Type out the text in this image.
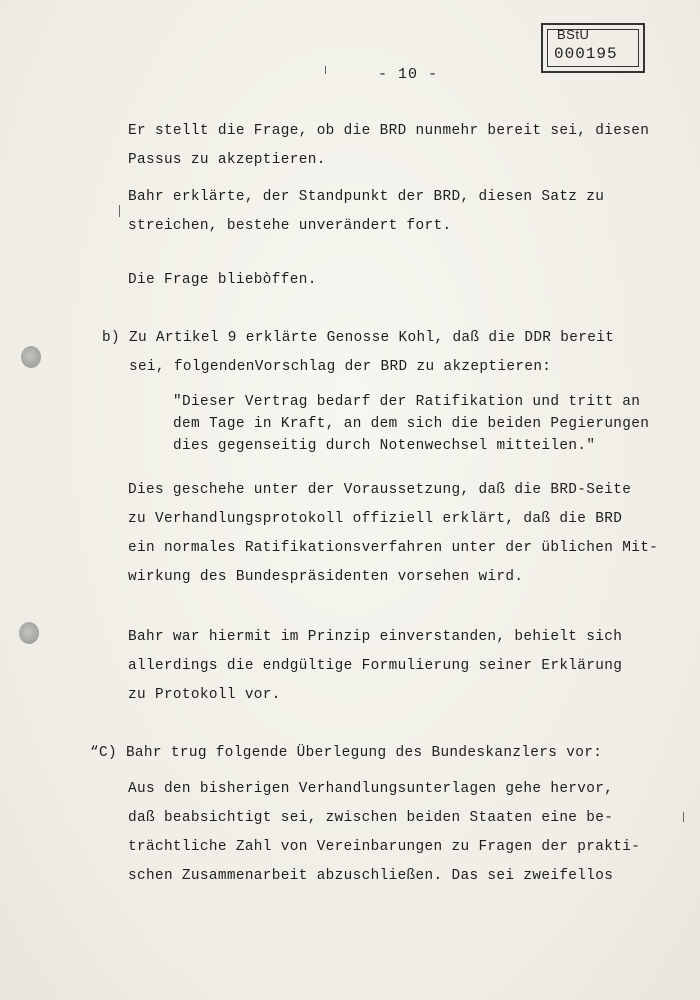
BStU
000195
- 10 -
Er stellt die Frage, ob die BRD nunmehr bereit sei, diesen
Passus zu akzeptieren.
Bahr erklärte, der Standpunkt der BRD, diesen Satz zu
streichen, bestehe unverändert fort.
Die Frage bliebòffen.
b) Zu Artikel 9 erklärte Genosse Kohl, daß die DDR bereit
sei, folgendenVorschlag der BRD zu akzeptieren:
"Dieser Vertrag bedarf der Ratifikation und tritt an
dem Tage in Kraft, an dem sich die beiden Pegierungen
dies gegenseitig durch Notenwechsel mitteilen."
Dies geschehe unter der Voraussetzung, daß die BRD-Seite
zu Verhandlungsprotokoll offiziell erklärt, daß die BRD
ein normales Ratifikationsverfahren unter der üblichen Mit-
wirkung des Bundespräsidenten vorsehen wird.
Bahr war hiermit im Prinzip einverstanden, behielt sich
allerdings die endgültige Formulierung seiner Erklärung
zu Protokoll vor.
“C) Bahr trug folgende Überlegung des Bundeskanzlers vor:
Aus den bisherigen Verhandlungsunterlagen gehe hervor,
daß beabsichtigt sei, zwischen beiden Staaten eine be-
trächtliche Zahl von Vereinbarungen zu Fragen der prakti-
schen Zusammenarbeit abzuschließen. Das sei zweifellos
